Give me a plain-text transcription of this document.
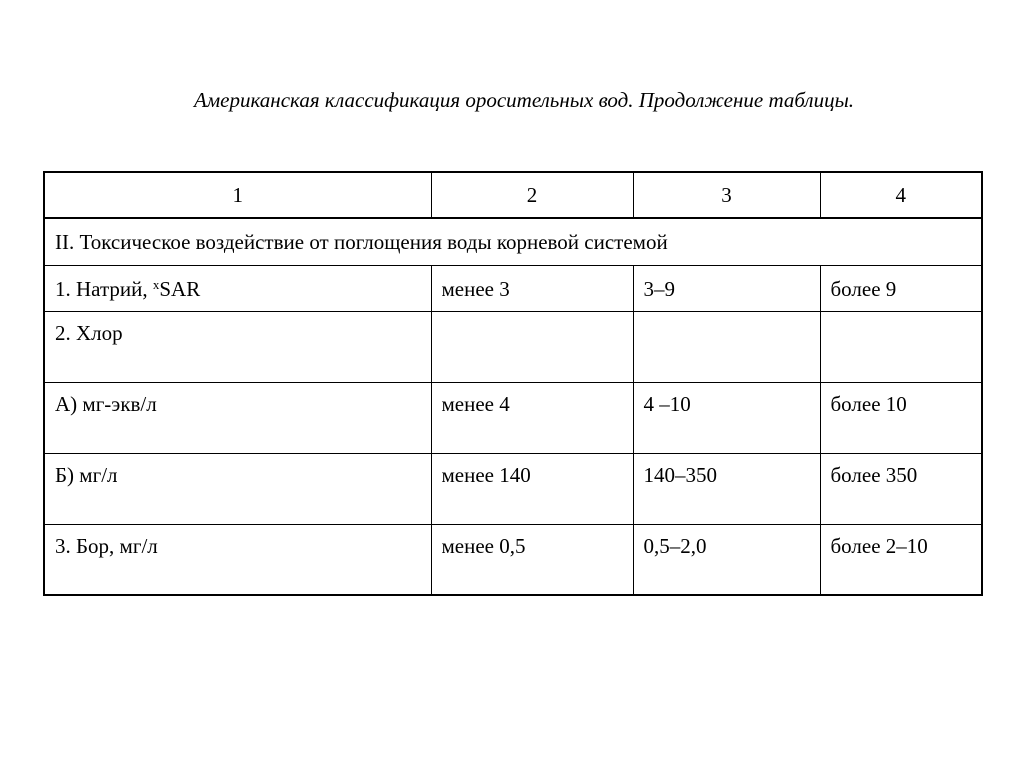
Американская классификация оросительных вод. Продолжение таблицы.
1	2	3	4
II. Токсическое воздействие от поглощения воды корневой системой			
1. Натрий, $^x$SAR	менее 3	3–9	более 9
2. Хлор			
А) мг-экв/л	менее 4	4 –10	более 10
Б) мг/л	менее 140	140–350	более 350
3. Бор, мг/л	менее 0,5	0,5–2,0	более 2–10
